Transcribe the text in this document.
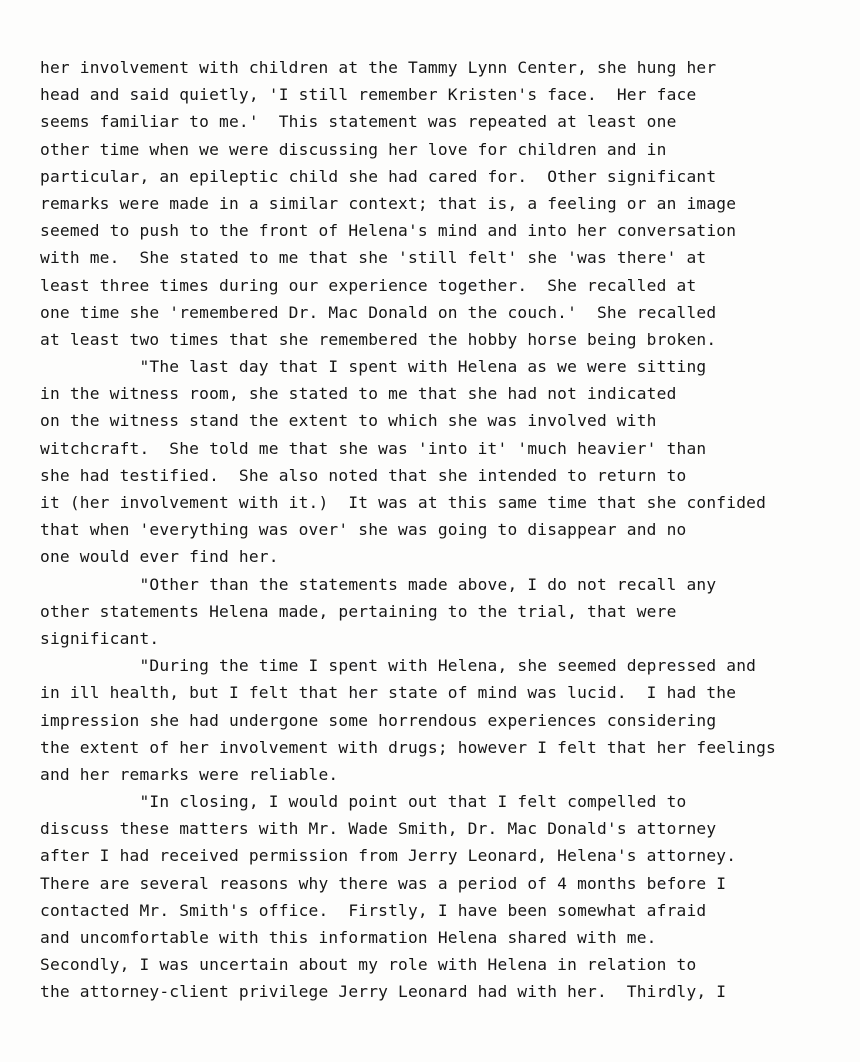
her involvement with children at the Tammy Lynn Center, she hung her
head and said quietly, 'I still remember Kristen's face.  Her face
seems familiar to me.'  This statement was repeated at least one
other time when we were discussing her love for children and in
particular, an epileptic child she had cared for.  Other significant
remarks were made in a similar context; that is, a feeling or an image
seemed to push to the front of Helena's mind and into her conversation
with me.  She stated to me that she 'still felt' she 'was there' at
least three times during our experience together.  She recalled at
one time she 'remembered Dr. Mac Donald on the couch.'  She recalled
at least two times that she remembered the hobby horse being broken.
"The last day that I spent with Helena as we were sitting
in the witness room, she stated to me that she had not indicated
on the witness stand the extent to which she was involved with
witchcraft.  She told me that she was 'into it' 'much heavier' than
she had testified.  She also noted that she intended to return to
it (her involvement with it.)  It was at this same time that she confided
that when 'everything was over' she was going to disappear and no
one would ever find her.
"Other than the statements made above, I do not recall any
other statements Helena made, pertaining to the trial, that were
significant.
"During the time I spent with Helena, she seemed depressed and
in ill health, but I felt that her state of mind was lucid.  I had the
impression she had undergone some horrendous experiences considering
the extent of her involvement with drugs; however I felt that her feelings
and her remarks were reliable.
"In closing, I would point out that I felt compelled to
discuss these matters with Mr. Wade Smith, Dr. Mac Donald's attorney
after I had received permission from Jerry Leonard, Helena's attorney.
There are several reasons why there was a period of 4 months before I
contacted Mr. Smith's office.  Firstly, I have been somewhat afraid
and uncomfortable with this information Helena shared with me.
Secondly, I was uncertain about my role with Helena in relation to
the attorney-client privilege Jerry Leonard had with her.  Thirdly, I
